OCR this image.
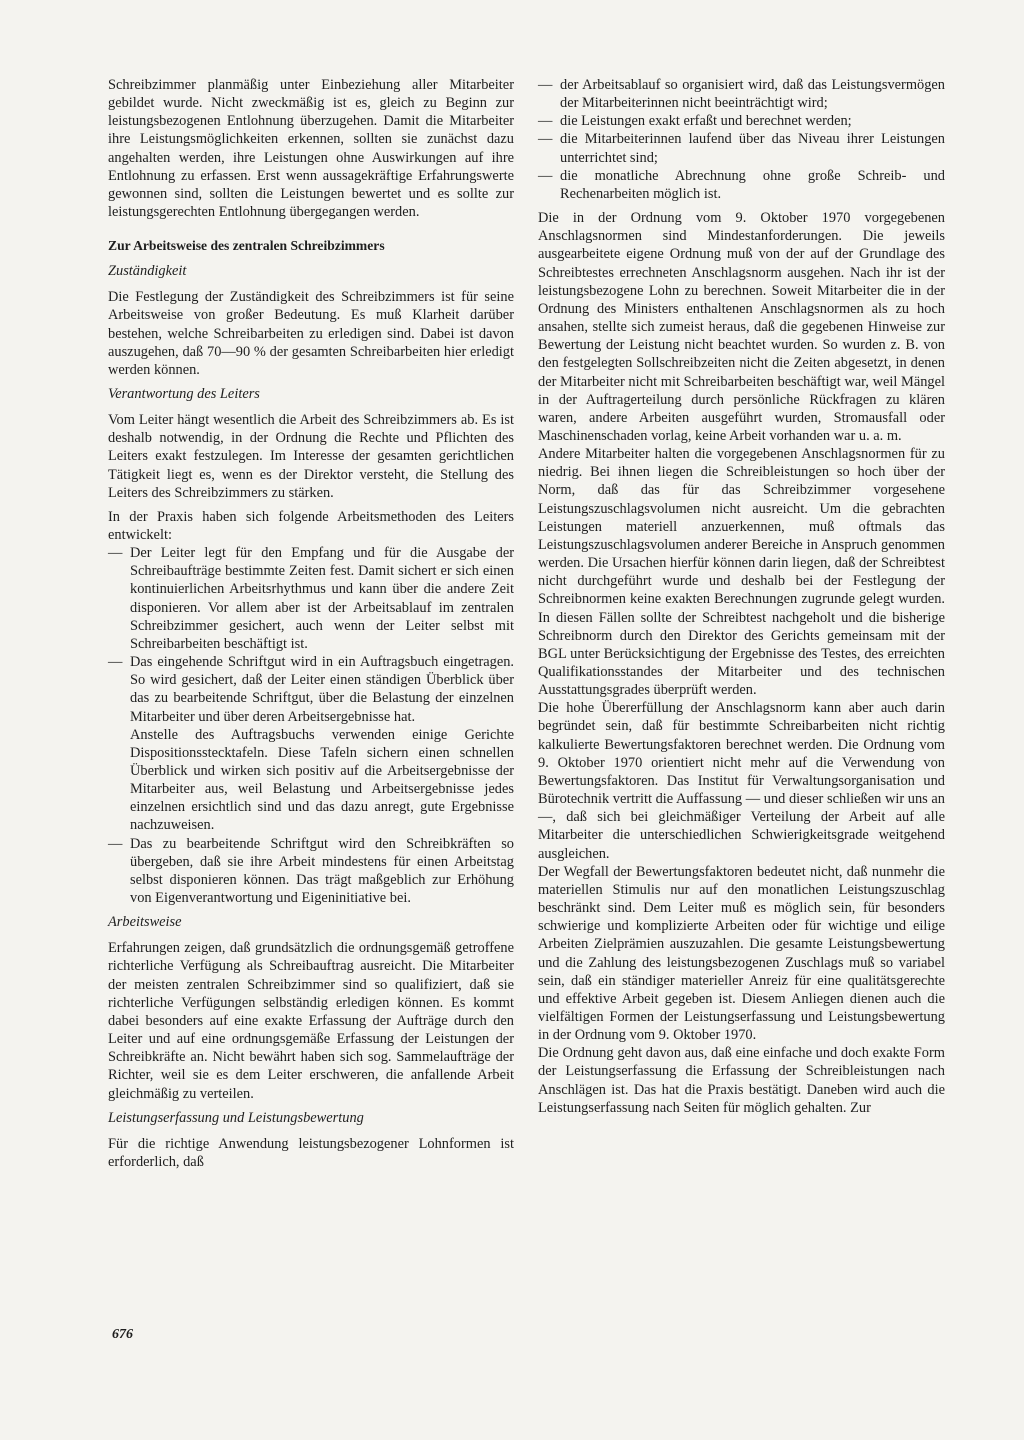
Schreibzimmer planmäßig unter Einbeziehung aller Mitarbeiter gebildet wurde. Nicht zweckmäßig ist es, gleich zu Beginn zur leistungsbezogenen Entlohnung überzugehen. Damit die Mitarbeiter ihre Leistungsmöglichkeiten erkennen, sollten sie zunächst dazu angehalten werden, ihre Leistungen ohne Auswirkungen auf ihre Entlohnung zu erfassen. Erst wenn aussagekräftige Erfahrungswerte gewonnen sind, sollten die Leistungen bewertet und es sollte zur leistungsgerechten Entlohnung übergegangen werden.

Zur Arbeitsweise des zentralen Schreibzimmers
Zuständigkeit

Die Festlegung der Zuständigkeit des Schreibzimmers ist für seine Arbeitsweise von großer Bedeutung. Es muß Klarheit darüber bestehen, welche Schreibarbeiten zu erledigen sind. Dabei ist davon auszugehen, daß 70—90 % der gesamten Schreibarbeiten hier erledigt werden können.

Verantwortung des Leiters

Vom Leiter hängt wesentlich die Arbeit des Schreibzimmers ab. Es ist deshalb notwendig, in der Ordnung die Rechte und Pflichten des Leiters exakt festzulegen. Im Interesse der gesamten gerichtlichen Tätigkeit liegt es, wenn es der Direktor versteht, die Stellung des Leiters des Schreibzimmers zu stärken.

In der Praxis haben sich folgende Arbeitsmethoden des Leiters entwickelt:

— Der Leiter legt für den Empfang und für die Ausgabe der Schreibaufträge bestimmte Zeiten fest. Damit sichert er sich einen kontinuierlichen Arbeitsrhythmus und kann über die andere Zeit disponieren. Vor allem aber ist der Arbeitsablauf im zentralen Schreibzimmer gesichert, auch wenn der Leiter selbst mit Schreibarbeiten beschäftigt ist.
— Das eingehende Schriftgut wird in ein Auftragsbuch eingetragen. So wird gesichert, daß der Leiter einen ständigen Überblick über das zu bearbeitende Schriftgut, über die Belastung der einzelnen Mitarbeiter und über deren Arbeitsergebnisse hat.
Anstelle des Auftragsbuchs verwenden einige Gerichte Dispositionsstecktafeln. Diese Tafeln sichern einen schnellen Überblick und wirken sich positiv auf die Arbeitsergebnisse der Mitarbeiter aus, weil Belastung und Arbeitsergebnisse jedes einzelnen ersichtlich sind und das dazu anregt, gute Ergebnisse nachzuweisen.
— Das zu bearbeitende Schriftgut wird den Schreibkräften so übergeben, daß sie ihre Arbeit mindestens für einen Arbeitstag selbst disponieren können. Das trägt maßgeblich zur Erhöhung von Eigenverantwortung und Eigeninitiative bei.
Arbeitsweise

Erfahrungen zeigen, daß grundsätzlich die ordnungsgemäß getroffene richterliche Verfügung als Schreibauftrag ausreicht. Die Mitarbeiter der meisten zentralen Schreibzimmer sind so qualifiziert, daß sie richterliche Verfügungen selbständig erledigen können. Es kommt dabei besonders auf eine exakte Erfassung der Aufträge durch den Leiter und auf eine ordnungsgemäße Erfassung der Leistungen der Schreibkräfte an. Nicht bewährt haben sich sog. Sammelaufträge der Richter, weil sie es dem Leiter erschweren, die anfallende Arbeit gleichmäßig zu verteilen.

Leistungserfassung und Leistungsbewertung

Für die richtige Anwendung leistungsbezogener Lohnformen ist erforderlich, daß

— der Arbeitsablauf so organisiert wird, daß das Leistungsvermögen der Mitarbeiterinnen nicht beeinträchtigt wird;
— die Leistungen exakt erfaßt und berechnet werden;
— die Mitarbeiterinnen laufend über das Niveau ihrer Leistungen unterrichtet sind;
— die monatliche Abrechnung ohne große Schreib- und Rechenarbeiten möglich ist.

Die in der Ordnung vom 9. Oktober 1970 vorgegebenen Anschlagsnormen sind Mindestanforderungen. Die jeweils ausgearbeitete eigene Ordnung muß von der auf der Grundlage des Schreibtestes errechneten Anschlagsnorm ausgehen. Nach ihr ist der leistungsbezogene Lohn zu berechnen. Soweit Mitarbeiter die in der Ordnung des Ministers enthaltenen Anschlagsnormen als zu hoch ansahen, stellte sich zumeist heraus, daß die gegebenen Hinweise zur Bewertung der Leistung nicht beachtet wurden. So wurden z. B. von den festgelegten Sollschreibzeiten nicht die Zeiten abgesetzt, in denen der Mitarbeiter nicht mit Schreibarbeiten beschäftigt war, weil Mängel in der Auftragerteilung durch persönliche Rückfragen zu klären waren, andere Arbeiten ausgeführt wurden, Stromausfall oder Maschinenschaden vorlag, keine Arbeit vorhanden war u. a. m.

Andere Mitarbeiter halten die vorgegebenen Anschlagsnormen für zu niedrig. Bei ihnen liegen die Schreibleistungen so hoch über der Norm, daß das für das Schreibzimmer vorgesehene Leistungszuschlagsvolumen nicht ausreicht. Um die gebrachten Leistungen materiell anzuerkennen, muß oftmals das Leistungszuschlagsvolumen anderer Bereiche in Anspruch genommen werden. Die Ursachen hierfür können darin liegen, daß der Schreibtest nicht durchgeführt wurde und deshalb bei der Festlegung der Schreibnormen keine exakten Berechnungen zugrunde gelegt wurden. In diesen Fällen sollte der Schreibtest nachgeholt und die bisherige Schreibnorm durch den Direktor des Gerichts gemeinsam mit der BGL unter Berücksichtigung der Ergebnisse des Testes, des erreichten Qualifikationsstandes der Mitarbeiter und des technischen Ausstattungsgrades überprüft werden.

Die hohe Übererfüllung der Anschlagsnorm kann aber auch darin begründet sein, daß für bestimmte Schreibarbeiten nicht richtig kalkulierte Bewertungsfaktoren berechnet werden. Die Ordnung vom 9. Oktober 1970 orientiert nicht mehr auf die Verwendung von Bewertungsfaktoren. Das Institut für Verwaltungsorganisation und Bürotechnik vertritt die Auffassung — und dieser schließen wir uns an —, daß sich bei gleichmäßiger Verteilung der Arbeit auf alle Mitarbeiter die unterschiedlichen Schwierigkeitsgrade weitgehend ausgleichen.

Der Wegfall der Bewertungsfaktoren bedeutet nicht, daß nunmehr die materiellen Stimulis nur auf den monatlichen Leistungszuschlag beschränkt sind. Dem Leiter muß es möglich sein, für besonders schwierige und komplizierte Arbeiten oder für wichtige und eilige Arbeiten Zielprämien auszuzahlen. Die gesamte Leistungsbewertung und die Zahlung des leistungsbezogenen Zuschlags muß so variabel sein, daß ein ständiger materieller Anreiz für eine qualitätsgerechte und effektive Arbeit gegeben ist. Diesem Anliegen dienen auch die vielfältigen Formen der Leistungserfassung und Leistungsbewertung in der Ordnung vom 9. Oktober 1970.

Die Ordnung geht davon aus, daß eine einfache und doch exakte Form der Leistungserfassung die Erfassung der Schreibleistungen nach Anschlägen ist. Das hat die Praxis bestätigt. Daneben wird auch die Leistungserfassung nach Seiten für möglich gehalten. Zur

676
